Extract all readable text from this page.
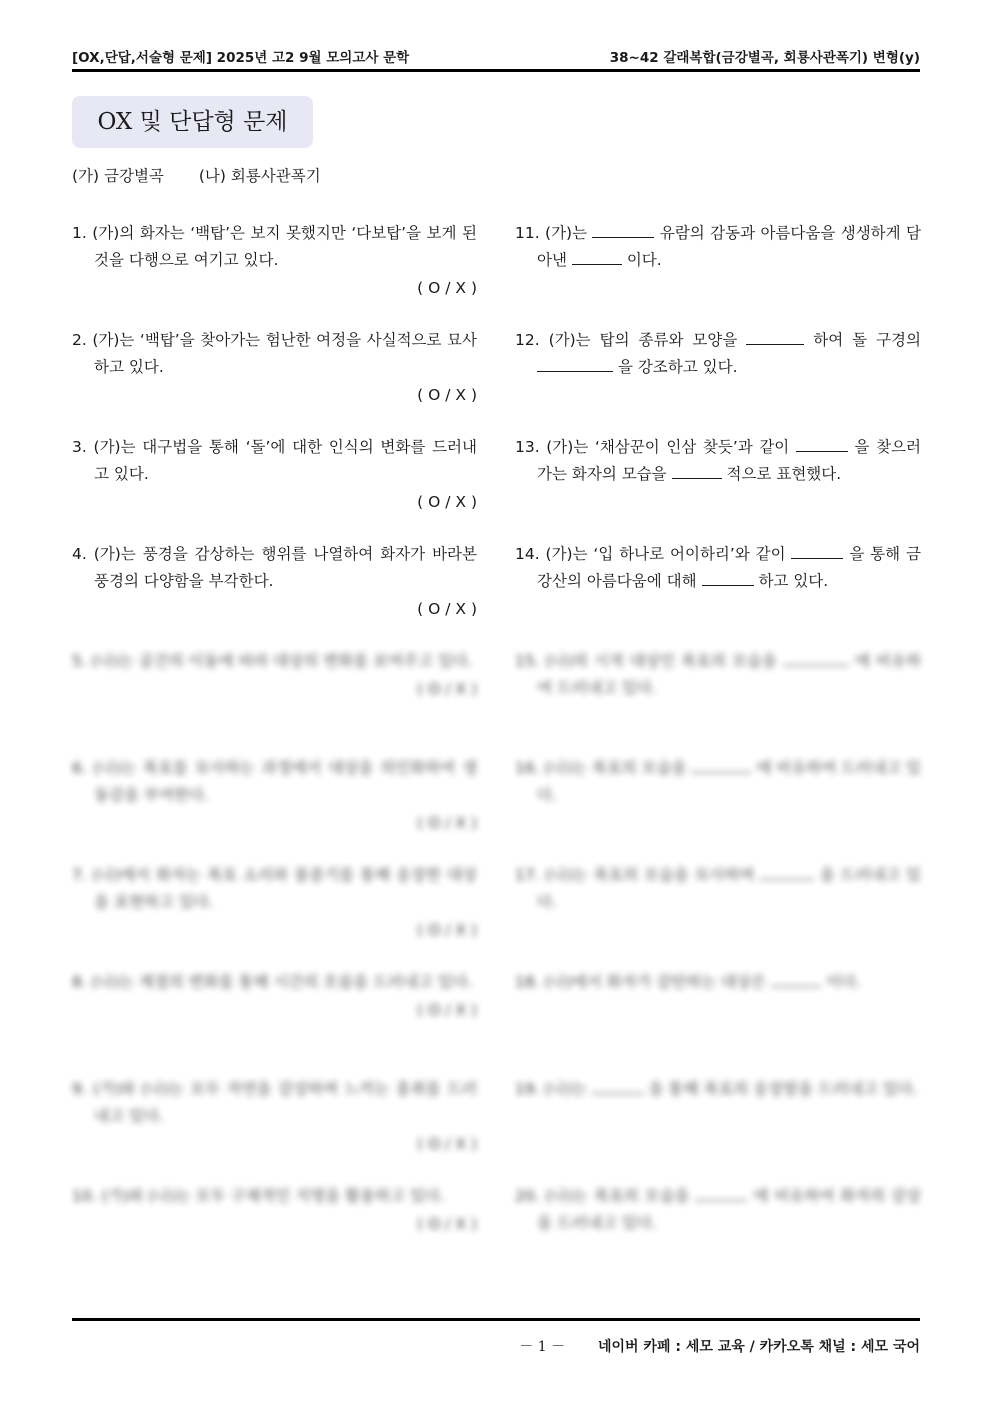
[OX,단답,서술형 문제] 2025년 고2 9월 모의고사 문학	38~42 갈래복합(금강별곡, 회룡사관폭기) 변형(y)
OX 및 단답형 문제
(가) 금강별곡 (나) 회룡사관폭기
1. (가)의 화자는 ‘백탑’은 보지 못했지만 ‘다보탑’을 보게 된 것을 다행으로 여기고 있다.
( O / X )
2. (가)는 ‘백탑’을 찾아가는 험난한 여정을 사실적으로 묘사하고 있다.
( O / X )
3. (가)는 대구법을 통해 ‘돌’에 대한 인식의 변화를 드러내고 있다.
( O / X )
4. (가)는 풍경을 감상하는 행위를 나열하여 화자가 바라본 풍경의 다양함을 부각한다.
( O / X )
5. (나)는 공간의 이동에 따라 대상의 변화를 보여주고 있다.
( O / X )
6. (나)는 폭포를 묘사하는 과정에서 대상을 의인화하여 생동감을 부여한다.
( O / X )
7. (나)에서 화자는 폭포 소리와 물줄기를 통해 웅장한 대상을 표현하고 있다.
( O / X )
8. (나)는 계절의 변화를 통해 시간의 흐름을 드러내고 있다.
( O / X )
9. (가)와 (나)는 모두 자연을 감상하며 느끼는 흥취를 드러내고 있다.
( O / X )
10. (가)와 (나)는 모두 구체적인 지명을 활용하고 있다.
( O / X )
11. (가)는	유람의 감동과 아름다움을 생생하게 담아낸	이다.
12. (가)는 탑의 종류와 모양을	하여 돌 구경의  을 강조하고 있다.
13. (가)는 ‘채삼꾼이 인삼 찾듯’과 같이	을 찾으러 가는 화자의 모습을	적으로 표현했다.
14. (가)는 ‘입 하나로 어이하리’와 같이	을 통해 금강산의 아름다움에 대해	하고 있다.
15. (나)의 시적 대상인 폭포의 모습을	에 비유하여 드러내고 있다.
16. (나)는 폭포의 모습을	에 비유하여 드러내고 있다.
17. (나)는 폭포의 모습을 묘사하며	을 드러내고 있다.
18. (나)에서 화자가 감탄하는 대상은	이다.
19. (나)는	을 통해 폭포의 웅장함을 드러내고 있다.
20. (나)는 폭포의 모습을	에 비유하여 화자의 감상을 드러내고 있다.
－ 1 － 네이버 카페 : 세모 교육 / 카카오톡 채널 : 세모 국어
